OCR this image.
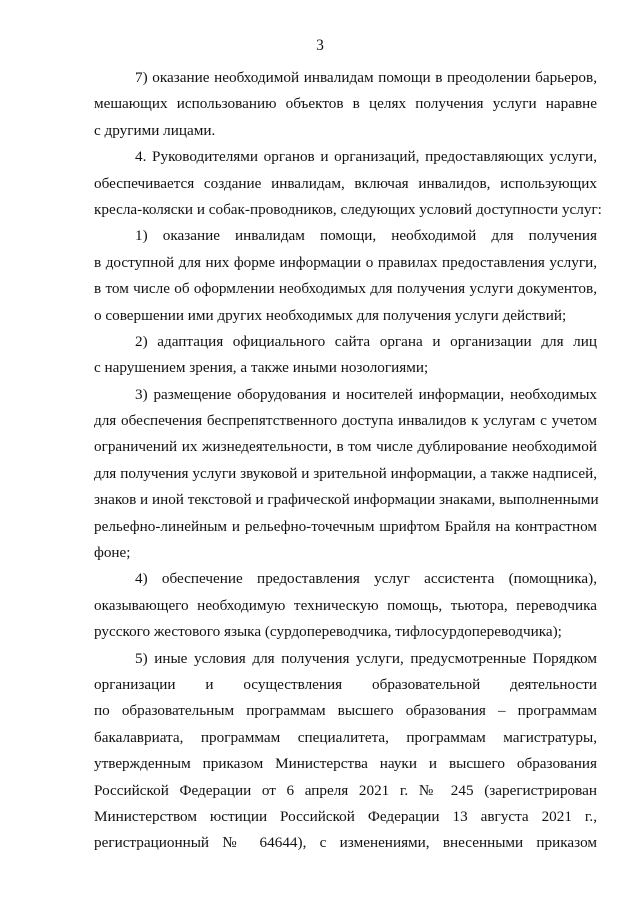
3
7) оказание необходимой инвалидам помощи в преодолении барьеров,
мешающих использованию объектов в целях получения услуги наравне
с другими лицами.
4. Руководителями органов и организаций, предоставляющих услуги,
обеспечивается создание инвалидам, включая инвалидов, использующих
кресла-коляски и собак-проводников, следующих условий доступности услуг:
1) оказание инвалидам помощи, необходимой для получения
в доступной для них форме информации о правилах предоставления услуги,
в том числе об оформлении необходимых для получения услуги документов,
о совершении ими других необходимых для получения услуги действий;
2) адаптация официального сайта органа и организации для лиц
с нарушением зрения, а также иными нозологиями;
3) размещение оборудования и носителей информации, необходимых
для обеспечения беспрепятственного доступа инвалидов к услугам с учетом
ограничений их жизнедеятельности, в том числе дублирование необходимой
для получения услуги звуковой и зрительной информации, а также надписей,
знаков и иной текстовой и графической информации знаками, выполненными
рельефно-линейным и рельефно-точечным шрифтом Брайля на контрастном
фоне;
4) обеспечение предоставления услуг ассистента (помощника),
оказывающего необходимую техническую помощь, тьютора, переводчика
русского жестового языка (сурдопереводчика, тифлосурдопереводчика);
5) иные условия для получения услуги, предусмотренные Порядком
организации и осуществления образовательной деятельности
по образовательным программам высшего образования – программам
бакалавриата, программам специалитета, программам магистратуры,
утвержденным приказом Министерства науки и высшего образования
Российской Федерации от 6 апреля 2021 г. № 245 (зарегистрирован
Министерством юстиции Российской Федерации 13 августа 2021 г.,
регистрационный № 64644), с изменениями, внесенными приказом
